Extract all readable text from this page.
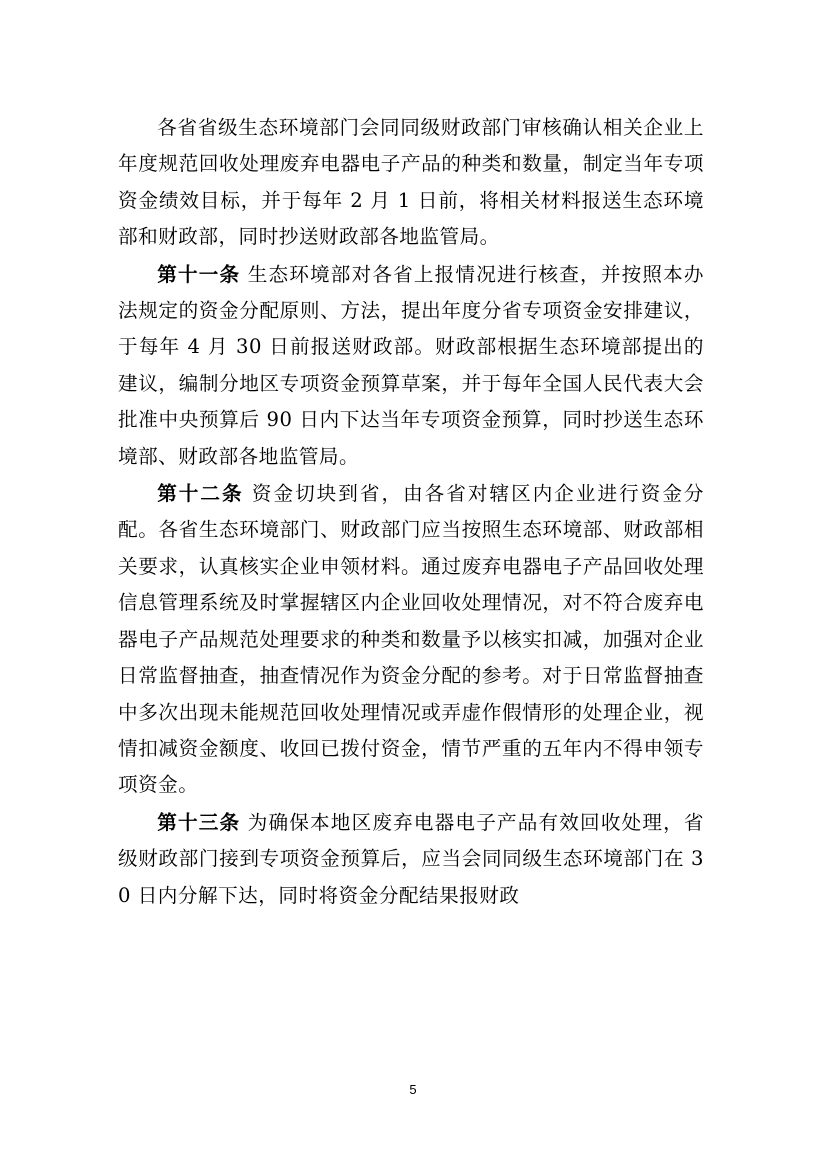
各省省级生态环境部门会同同级财政部门审核确认相关企业上年度规范回收处理废弃电器电子产品的种类和数量，制定当年专项资金绩效目标，并于每年 2 月 1 日前，将相关材料报送生态环境部和财政部，同时抄送财政部各地监管局。

第十一条 生态环境部对各省上报情况进行核查，并按照本办法规定的资金分配原则、方法，提出年度分省专项资金安排建议，于每年 4 月 30 日前报送财政部。财政部根据生态环境部提出的建议，编制分地区专项资金预算草案，并于每年全国人民代表大会批准中央预算后 90 日内下达当年专项资金预算，同时抄送生态环境部、财政部各地监管局。

第十二条 资金切块到省，由各省对辖区内企业进行资金分配。各省生态环境部门、财政部门应当按照生态环境部、财政部相关要求，认真核实企业申领材料。通过废弃电器电子产品回收处理信息管理系统及时掌握辖区内企业回收处理情况，对不符合废弃电器电子产品规范处理要求的种类和数量予以核实扣减，加强对企业日常监督抽查，抽查情况作为资金分配的参考。对于日常监督抽查中多次出现未能规范回收处理情况或弄虚作假情形的处理企业，视情扣减资金额度、收回已拨付资金，情节严重的五年内不得申领专项资金。

第十三条 为确保本地区废弃电器电子产品有效回收处理，省级财政部门接到专项资金预算后，应当会同同级生态环境部门在 30 日内分解下达，同时将资金分配结果报财政

5
